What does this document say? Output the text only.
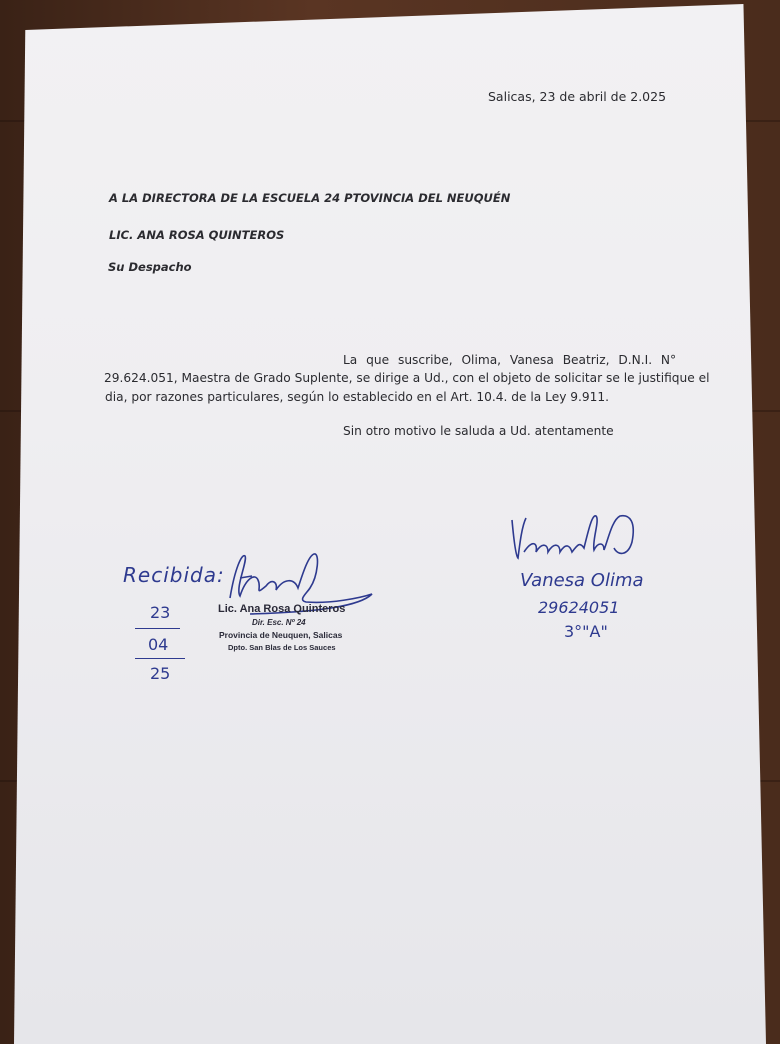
Salicas, 23 de abril de 2.025
A LA DIRECTORA DE LA ESCUELA 24 PTOVINCIA DEL NEUQUÉN
LIC. ANA ROSA QUINTEROS
Su Despacho
La que suscribe, Olima, Vanesa Beatriz, D.N.I. N°
29.624.051, Maestra de Grado Suplente, se dirige a Ud., con el objeto de solicitar se le justifique el
dia, por razones particulares, según lo establecido en el Art. 10.4. de la Ley 9.911.
Sin otro motivo le saluda a Ud. atentamente
Recibida:
23
04
25
Lic. Ana Rosa Quinteros
Dir. Esc. Nº 24
Provincia de Neuquen, Salicas
Dpto. San Blas de Los Sauces
Vanesa Olima
29624051
3°"A"
